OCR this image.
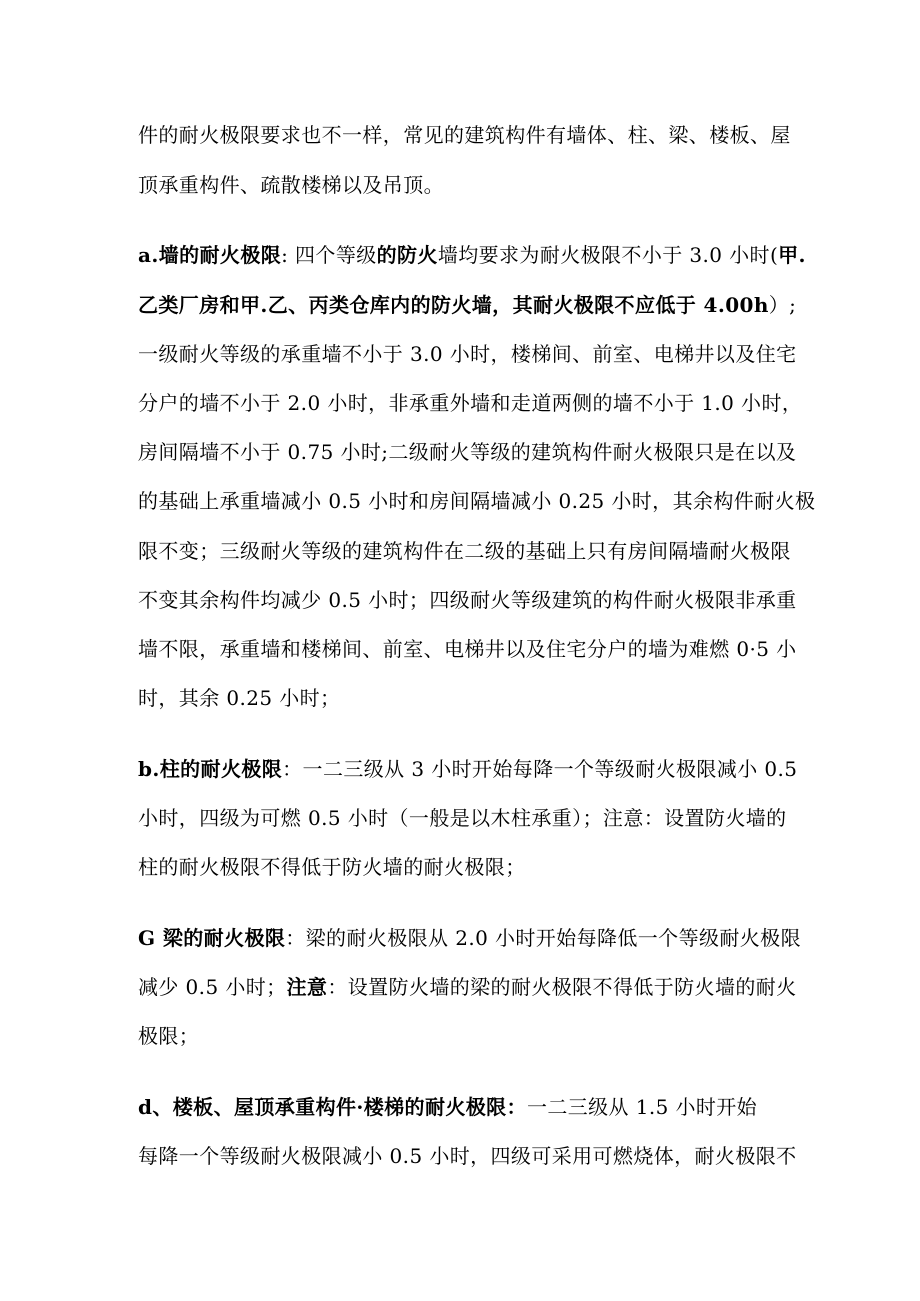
件的耐火极限要求也不一样，常见的建筑构件有墙体、柱、梁、楼板、屋
顶承重构件、疏散楼梯以及吊顶。
a.墙的耐火极限: 四个等级的防火墙均要求为耐火极限不小于 3.0 小时(甲.
乙类厂房和甲.乙、丙类仓库内的防火墙，其耐火极限不应低于 4.00h）;
一级耐火等级的承重墙不小于 3.0 小时，楼梯间、前室、电梯井以及住宅
分户的墙不小于 2.0 小时，非承重外墙和走道两侧的墙不小于 1.0 小时，
房间隔墙不小于 0.75 小时;二级耐火等级的建筑构件耐火极限只是在以及
的基础上承重墙减小 0.5 小时和房间隔墙减小 0.25 小时，其余构件耐火极
限不变；三级耐火等级的建筑构件在二级的基础上只有房间隔墙耐火极限
不变其余构件均减少 0.5 小时；四级耐火等级建筑的构件耐火极限非承重
墙不限，承重墙和楼梯间、前室、电梯井以及住宅分户的墙为难燃 0·5 小
时，其余 0.25 小时；
b.柱的耐火极限：一二三级从 3 小时开始每降一个等级耐火极限减小 0.5
小时，四级为可燃 0.5 小时（一般是以木柱承重）；注意：设置防火墙的
柱的耐火极限不得低于防火墙的耐火极限；
G 梁的耐火极限：梁的耐火极限从 2.0 小时开始每降低一个等级耐火极限
减少 0.5 小时；注意：设置防火墙的梁的耐火极限不得低于防火墙的耐火
极限；
d、楼板、屋顶承重构件·楼梯的耐火极限：一二三级从 1.5 小时开始
每降一个等级耐火极限减小 0.5 小时，四级可采用可燃烧体，耐火极限不
